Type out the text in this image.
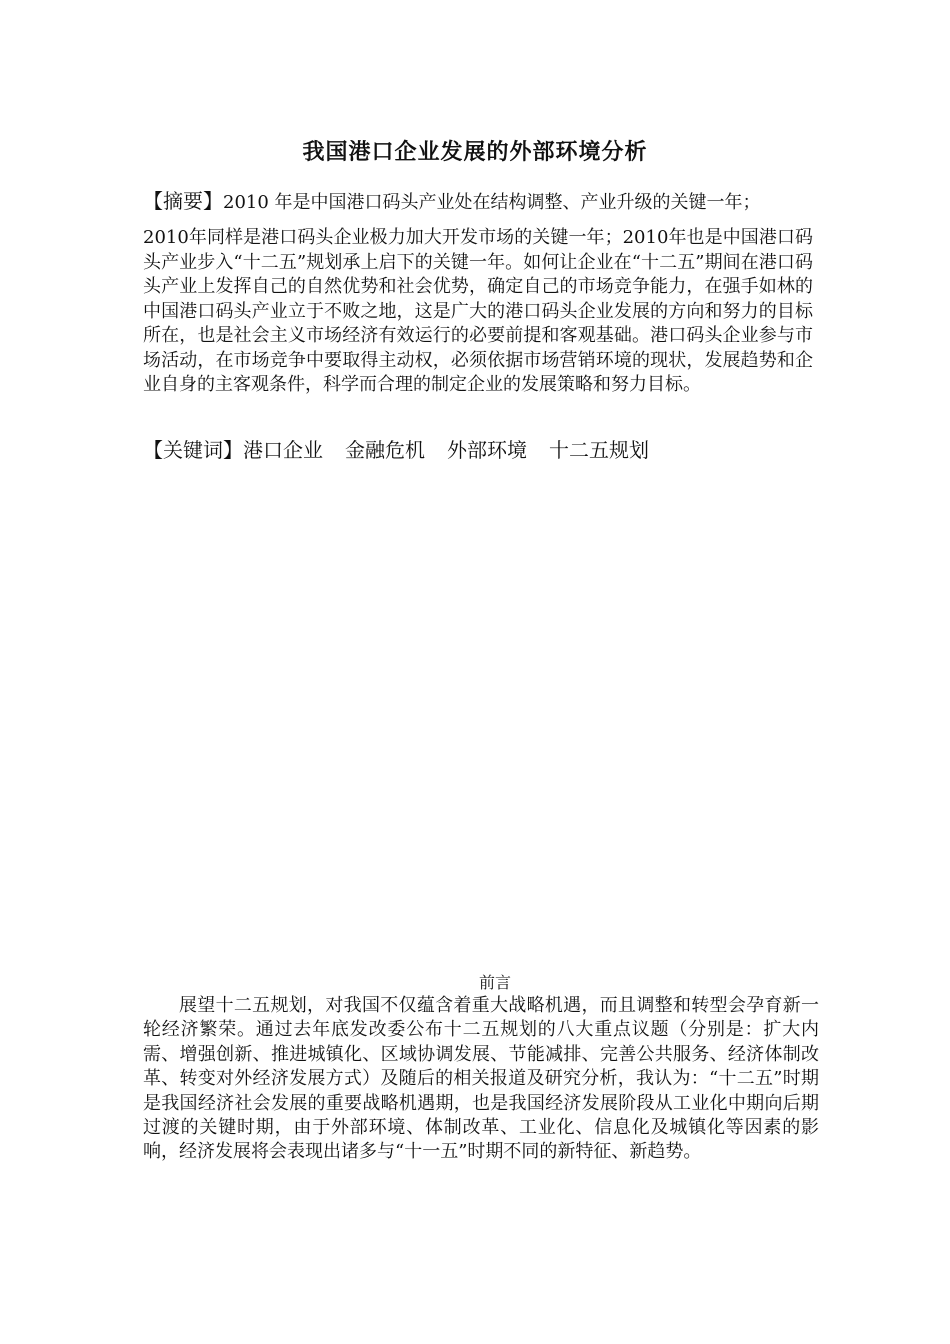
我国港口企业发展的外部环境分析
【摘要】2010 年是中国港口码头产业处在结构调整、产业升级的关键一年；
2010年同样是港口码头企业极力加大开发市场的关键一年；2010年也是中国港口码头产业步入“十二五”规划承上启下的关键一年。如何让企业在“十二五”期间在港口码头产业上发挥自己的自然优势和社会优势，确定自己的市场竞争能力，在强手如林的中国港口码头产业立于不败之地，这是广大的港口码头企业发展的方向和努力的目标所在，也是社会主义市场经济有效运行的必要前提和客观基础。港口码头企业参与市场活动，在市场竞争中要取得主动权，必须依据市场营销环境的现状，发展趋势和企业自身的主客观条件，科学而合理的制定企业的发展策略和努力目标。
【关键词】港口企业 金融危机 外部环境 十二五规划
前言
展望十二五规划，对我国不仅蕴含着重大战略机遇，而且调整和转型会孕育新一轮经济繁荣。通过去年底发改委公布十二五规划的八大重点议题（分别是：扩大内需、增强创新、推进城镇化、区域协调发展、节能减排、完善公共服务、经济体制改革、转变对外经济发展方式）及随后的相关报道及研究分析，我认为：“十二五”时期是我国经济社会发展的重要战略机遇期，也是我国经济发展阶段从工业化中期向后期过渡的关键时期，由于外部环境、体制改革、工业化、信息化及城镇化等因素的影响，经济发展将会表现出诸多与“十一五”时期不同的新特征、新趋势。
